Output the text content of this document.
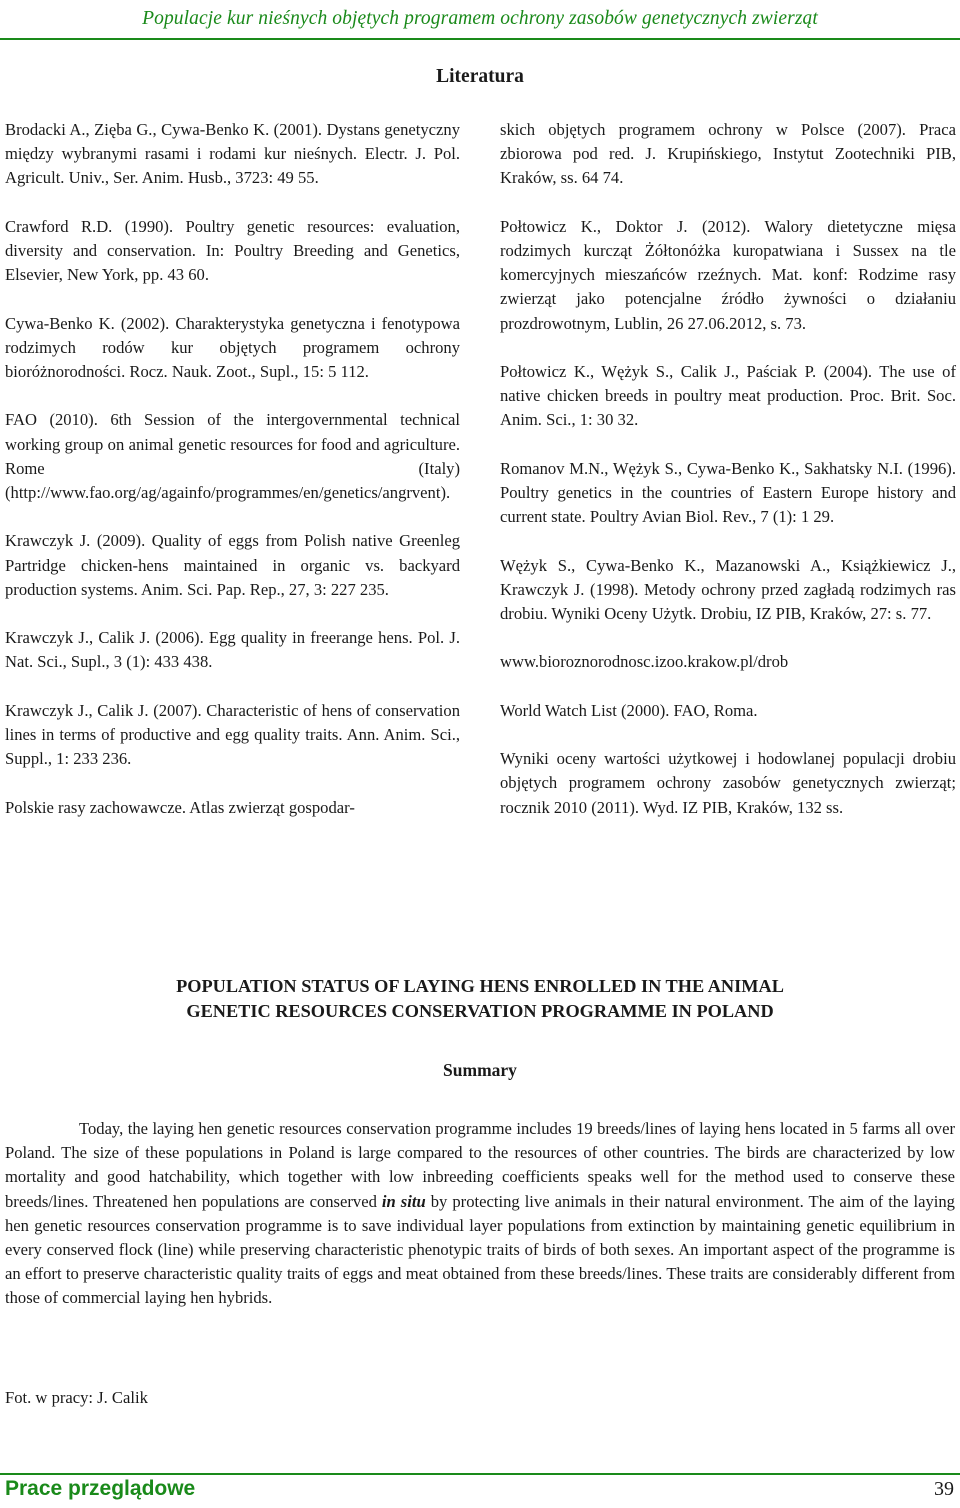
Populacje kur nieśnych objętych programem ochrony zasobów genetycznych zwierząt
Literatura

Brodacki A., Zięba G., Cywa-Benko K. (2001). Dystans genetyczny między wybranymi rasami i rodami kur nieśnych. Electr. J. Pol. Agricult. Univ., Ser. Anim. Husb., 3723: 49 55.

Crawford R.D. (1990). Poultry genetic resources: evaluation, diversity and conservation. In: Poultry Breeding and Genetics, Elsevier, New York, pp. 43 60.

Cywa-Benko K. (2002). Charakterystyka genetyczna i fenotypowa rodzimych rodów kur objętych programem ochrony bioróżnorodności. Rocz. Nauk. Zoot., Supl., 15: 5 112.

FAO (2010). 6th Session of the intergovernmental technical working group on animal genetic resources for food and agriculture. Rome (Italy) (http://www.fao.org/ag/againfo/programmes/en/genetics/angrvent).

Krawczyk J. (2009). Quality of eggs from Polish native Greenleg Partridge chicken-hens maintained in organic vs. backyard production systems. Anim. Sci. Pap. Rep., 27, 3: 227 235.

Krawczyk J., Calik J. (2006). Egg quality in freerange hens. Pol. J. Nat. Sci., Supl., 3 (1): 433 438.

Krawczyk J., Calik J. (2007). Characteristic of hens of conservation lines in terms of productive and egg quality traits. Ann. Anim. Sci., Suppl., 1: 233 236.

Polskie rasy zachowawcze. Atlas zwierząt gospodar-

skich objętych programem ochrony w Polsce (2007). Praca zbiorowa pod red. J. Krupińskiego, Instytut Zootechniki PIB, Kraków, ss. 64 74.

Połtowicz K., Doktor J. (2012). Walory dietetyczne mięsa rodzimych kurcząt Żółtonóżka kuropatwiana i Sussex na tle komercyjnych mieszańców rzeźnych. Mat. konf: Rodzime rasy zwierząt jako potencjalne źródło żywności o działaniu prozdrowotnym, Lublin, 26 27.06.2012, s. 73.

Połtowicz K., Wężyk S., Calik J., Paściak P. (2004). The use of native chicken breeds in poultry meat production. Proc. Brit. Soc. Anim. Sci., 1: 30 32.

Romanov M.N., Wężyk S., Cywa-Benko K., Sakhatsky N.I. (1996). Poultry genetics in the countries of Eastern Europe history and current state. Poultry Avian Biol. Rev., 7 (1): 1 29.

Wężyk S., Cywa-Benko K., Mazanowski A., Książkiewicz J., Krawczyk J. (1998). Metody ochrony przed zagładą rodzimych ras drobiu. Wyniki Oceny Użytk. Drobiu, IZ PIB, Kraków, 27: s. 77.

www.bioroznorodnosc.izoo.krakow.pl/drob

World Watch List (2000). FAO, Roma.

Wyniki oceny wartości użytkowej i hodowlanej populacji drobiu objętych programem ochrony zasobów genetycznych zwierząt; rocznik 2010 (2011). Wyd. IZ PIB, Kraków, 132 ss.

POPULATION STATUS OF LAYING HENS ENROLLED IN THE ANIMAL

GENETIC RESOURCES CONSERVATION PROGRAMME IN POLAND

Summary

Today, the laying hen genetic resources conservation programme includes 19 breeds/lines of laying hens located in 5 farms all over Poland. The size of these populations in Poland is large compared to the resources of other countries. The birds are characterized by low mortality and good hatchability, which together with low inbreeding coefficients speaks well for the method used to conserve these breeds/lines. Threatened hen populations are conserved in situ by protecting live animals in their natural environment. The aim of the laying hen genetic resources conservation programme is to save individual layer populations from extinction by maintaining genetic equilibrium in every conserved flock (line) while preserving characteristic phenotypic traits of birds of both sexes. An important aspect of the programme is an effort to preserve characteristic quality traits of eggs and meat obtained from these breeds/lines. These traits are considerably different from those of commercial laying hen hybrids.

Fot. w pracy: J. Calik
Prace przeglądowe	39
